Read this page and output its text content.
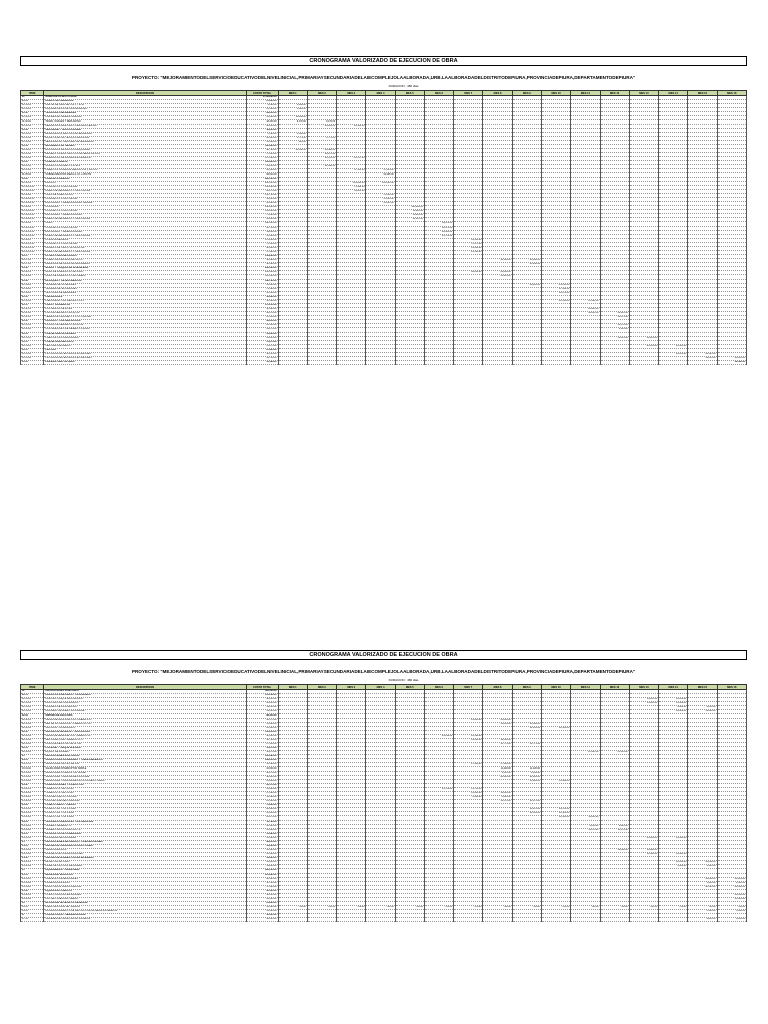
CRONOGRAMA VALORIZADO DE EJECUCION DE OBRA
PROYECTO: "MEJORAMIENTODELSERVICIOEDUCATIVODELNIVELINICIAL,PRIMARIAYSECUNDARIADELAIECOMPLEJOLAALBORADA,URB.LAALBORADADELDISTRITODEPIURA,PROVINCIADEPIURA,DEPARTAMENTODEPIURA"
DURACION : 480 dias
ITEM	DESCRIPCION	COSTO TOTAL	MES 1	MES 2	MES 3	MES 4	MES 5	MES 6	MES 7	MES 8	MES 9	MES 10	MES 11	MES 12	MES 13	MES 14	MES 15	MES 16
01	OBRAS DE LA INSTITUCION	2,540,890.00																
01.01	OBRAS PROVISIONALES	25,800.00																
01.01.01	CARTEL DE OBRA DE 3.60 X 7.20 M	4,680.00	4,680.00															
01.01.02	ALQUILER DE LOCAL PARA ALMACEN	21,120.00	1,320.00															
01.02	TRABAJOS PRELIMINARES	89,650.00																
01.02.01	LIMPIEZA DE TERRENO MANUAL	12,480.00	12,480.00															
01.02.02	TRAZO, NIVELES Y REPLANTEO	18,340.00	9,170.00	9,170.00														
01.02.03	DEMOLICION DE ESTRUCTURAS EXISTENTES	58,830.00		29,415.00	29,415.00													
01.03	SEGURIDAD Y SALUD EN OBRA	46,220.00																
01.03.01	ELABORACION DEL PLAN DE SEGURIDAD	3,500.00	3,500.00															
01.03.02	EQUIPOS DE PROTECCION INDIVIDUAL	28,400.00	1,775.00	1,775.00														
01.03.03	SEÑALIZACION TEMPORAL DE SEGURIDAD	14,320.00	895.00															
01.04	MOVIMIENTO DE TIERRAS	312,480.00																
01.04.01	EXCAVACION MASIVA CON MAQUINARIA	98,760.00	49,380.00	49,380.00														
01.04.02	RELLENO COMPACTADO CON MATERIAL PROPIO	76,540.00		38,270.00														
01.04.03	ELIMINACION DE MATERIAL EXCEDENTE	137,180.00		45,726.00	45,727.00													
01.05	CONCRETO SIMPLE	185,960.00																
01.05.01	SOLADOS CONCRETO 1:12 E=4"	22,840.00		22,840.00														
01.05.02	CIMIENTOS CORRIDOS MEZCLA 1:10 + 30% PG	94,310.00			47,155.00	47,155.00												
01.05.03	SOBRECIMIENTOS MEZCLA 1:8 + 25% PM	68,810.00				34,405.00												
01.06	CONCRETO ARMADO	984,530.00																
01.06.01	ZAPATAS	210,450.00			105,225.00	105,225.00												
01.06.01.01	CONCRETO F'C=210 KG/CM2	142,380.00			71,190.00													
01.06.01.02	ACERO DE REFUERZO FY=4200 KG/CM2	68,070.00			34,035.00													
01.06.02	VIGAS DE CIMENTACION	156,720.00				78,360.00												
01.06.02.01	CONCRETO F'C=210 KG/CM2	94,030.00				47,015.00												
01.06.02.02	ENCOFRADO Y DESENCOFRADO NORMAL	62,690.00				31,345.00												
01.06.03	COLUMNAS	248,960.00					124,480.00											
01.06.03.01	CONCRETO F'C=210 KG/CM2	112,640.00					56,320.00											
01.06.03.02	ENCOFRADO Y DESENCOFRADO	73,290.00					36,645.00											
01.06.03.03	ACERO DE REFUERZO FY=4200 KG/CM2	63,030.00					31,515.00											
01.06.04	VIGAS	198,140.00						99,070.00										
01.06.04.01	CONCRETO F'C=210 KG/CM2	86,750.00						43,375.00										
01.06.04.02	ENCOFRADO Y DESENCOFRADO	59,860.00						29,930.00										
01.06.04.03	ACERO DE REFUERZO FY=4200 KG/CM2	51,530.00						25,765.00										
01.06.05	LOSAS ALIGERADAS	170,260.00							85,130.00									
01.06.05.01	CONCRETO F'C=210 KG/CM2	74,150.00							37,075.00									
01.06.05.02	LADRILLO DE TECHO 15X30X30 CM	48,920.00							24,460.00									
01.06.05.03	ACERO DE REFUERZO FY=4200 KG/CM2	47,190.00							23,595.00									
01.07	ESTRUCTURAS METALICAS	142,860.00																
01.07.01	COBERTURA METALICA EN PATIO	96,380.00								48,190.00	48,190.00							
01.07.02	BARANDAS METALICAS EN ESCALERAS	46,480.00									23,240.00							
01.08	MUROS Y TABIQUES DE ALBAÑILERIA	268,430.00																
01.08.01	MURO DE LADRILLO KK DE SOGA	164,520.00							82,260.00	82,260.00								
01.08.02	MURO DE LADRILLO KK DE CABEZA	103,910.00								51,955.00								
01.09	REVOQUES Y REVESTIMIENTOS	198,760.00																
01.09.01	TARRAJEO EN INTERIORES	86,420.00									43,210.00	43,210.00						
01.09.02	TARRAJEO EN EXTERIORES	74,190.00										37,095.00						
01.09.03	VESTIDURA DE DERRAMES	38,150.00										19,075.00						
01.10	CIELORRASOS	42,380.00																
01.10.01	CIELORRASO CON MEZCLA C:A 1:5	42,380.00										21,190.00	21,190.00					
01.11	PISOS Y PAVIMENTOS	176,540.00																
01.11.01	CONTRAPISO DE 48 MM	58,920.00											29,460.00					
01.11.02	PISO DE CERAMICO 45X45 CM	92,470.00											46,235.00	46,235.00				
01.11.03	VEREDA DE CONCRETO F'C=175 KG/CM2	25,150.00												12,575.00				
01.12	ZOCALOS Y CONTRAZOCALOS	38,610.00																
01.12.01	ZOCALO DE CERAMICO 30X30 CM	26,340.00												13,170.00				
01.12.02	CONTRAZOCALO DE CEMENTO PULIDO	12,270.00												6,135.00				
01.13	CARPINTERIA DE MADERA	64,830.00																
01.13.01	PUERTAS CONTRAPLACADAS	64,830.00												32,415.00	32,415.00			
01.14	CARPINTERIA METALICA	51,270.00																
01.14.01	VENTANAS DE FIERRO	51,270.00													25,635.00	25,635.00		
01.15	PINTURA	87,920.00																
01.15.01	PINTURA LATEX EN MUROS INTERIORES	48,210.00														24,105.00	24,105.00	
01.15.02	PINTURA LATEX EN MUROS EXTERIORES	39,710.00															19,855.00	19,855.00
01.16	LIMPIEZA FINAL DE OBRA	12,480.00																12,480.00
CRONOGRAMA VALORIZADO DE EJECUCION DE OBRA
PROYECTO: "MEJORAMIENTODELSERVICIOEDUCATIVODELNIVELINICIAL,PRIMARIAYSECUNDARIADELAIECOMPLEJOLAALBORADA,URB.LAALBORADADELDISTRITODEPIURA,PROVINCIADEPIURA,DEPARTAMENTODEPIURA"
DURACION : 480 dias
ITEM	DESCRIPCION	COSTO TOTAL	MES 1	MES 2	MES 3	MES 4	MES 5	MES 6	MES 7	MES 8	MES 9	MES 10	MES 11	MES 12	MES 13	MES 14	MES 15	MES 16
02	INSTALACIONES SANITARIAS	386,420.00																
02.01	APARATOS SANITARIOS Y ACCESORIOS	124,560.00																
02.01.01	INODORO TANQUE BAJO BLANCO	38,240.00													19,120.00	19,120.00		
02.01.02	LAVATORIO DE LOSA BLANCO	26,880.00													13,440.00	13,440.00		
02.01.03	URINARIO DE LOSA BLANCO	19,640.00														9,820.00	9,820.00	
02.01.04	LAVADERO DE ACERO INOXIDABLE	39,800.00														19,900.00	19,900.00	
02.02	SISTEMA DE AGUA FRIA	98,340.00																
02.02.01	SALIDA DE AGUA FRIA CON TUBERIA PVC	42,170.00							21,085.00	21,085.00								
02.02.02	RED DE DISTRIBUCION TUBERIA PVC 3/4"	31,260.00								15,630.00	15,630.00							
02.02.03	VALVULAS Y ACCESORIOS	24,910.00									12,455.00	12,455.00						
02.03	SISTEMA DE DESAGUE Y VENTILACION	112,650.00																
02.03.01	SALIDA DE DESAGUE CON TUBERIA PVC	46,380.00						23,190.00	23,190.00									
02.03.02	RED COLECTORA TUBERIA PVC 4"	38,720.00							19,360.00	19,360.00								
02.03.03	CAJAS DE REGISTRO DE 12"X24"	27,550.00								13,775.00	13,775.00							
02.04	CISTERNA Y TANQUE ELEVADO	50,870.00																
02.04.01	EQUIPO DE BOMBEO	50,870.00											25,435.00	25,435.00				
03	INSTALACIONES ELECTRICAS	412,380.00																
03.01	SALIDAS PARA ALUMBRADO Y TOMACORRIENTES	168,240.00																
03.01.01	SALIDA PARA CENTRO DE LUZ	54,360.00							27,180.00	27,180.00								
03.01.02	SALIDA PARA INTERRUPTOR SIMPLE	22,840.00								11,420.00	11,420.00							
03.01.03	SALIDA PARA INTERRUPTOR DOBLE	18,270.00								9,135.00	9,135.00							
03.01.04	SALIDA PARA TOMACORRIENTE DOBLE	48,930.00								24,465.00	24,465.00							
03.01.05	SALIDA PARA TOMACORRIENTE CON LINEA A TIERRA	23,840.00									11,920.00	11,920.00						
03.02	CANALIZACIONES Y CONDUCTOS	94,170.00																
03.02.01	TUBERIA PVC SAP 20 MM	31,460.00						15,730.00	15,730.00									
03.02.02	TUBERIA PVC SAP 25 MM	27,390.00							13,695.00	13,695.00								
03.02.03	CAJA DE PASE OCTOGONAL	12,180.00							6,090.00	6,090.00								
03.02.04	CAJA DE PASE RECTANGULAR	23,140.00								11,570.00	11,570.00							
03.03	CONDUCTORES Y CABLES	76,820.00																
03.03.01	CONDUCTOR THW 2.5 MM2	28,940.00									14,470.00	14,470.00						
03.03.02	CONDUCTOR THW 4 MM2	24,610.00									12,305.00	12,305.00						
03.03.03	CONDUCTOR THW 6 MM2	23,270.00										11,635.00	11,635.00					
03.04	TABLEROS PRINCIPALES Y DISTRIBUCION	41,760.00																
03.04.01	TABLERO GENERAL TG	18,420.00											9,210.00	9,210.00				
03.04.02	TABLERO DE DISTRIBUCION TD	23,340.00											11,670.00	11,670.00				
03.05	ARTEFACTOS DE ILUMINACION	31,390.00																
03.05.01	LUMINARIA LED ADOSABLE	31,390.00													15,695.00	15,695.00		
04	INSTALACIONES MECANICAS Y COMUNICACIONES	98,640.00																
04.01	SISTEMA DE CABLEADO ESTRUCTURADO	54,280.00																
04.01.01	SALIDA PARA DATA	32,160.00												16,080.00	16,080.00			
04.01.02	GABINETE DE COMUNICACIONES	22,120.00													11,060.00	11,060.00		
04.02	SISTEMA DE ALARMA CONTRA INCENDIOS	44,360.00																
04.02.01	DETECTOR DE HUMO	24,480.00														12,240.00	12,240.00	
04.02.02	PANEL DE CONTROL DE ALARMA	19,880.00														9,940.00	9,940.00	
05	EQUIPAMIENTO Y MOBILIARIO	186,520.00																
05.01	MOBILIARIO EDUCATIVO	124,360.00																
05.01.01	CARPETAS UNIPERSONALES	68,420.00															34,210.00	34,210.00
05.01.02	PIZARRAS ACRILICAS	18,760.00															9,380.00	9,380.00
05.01.03	ESCRITORIOS PARA DOCENTES	37,180.00															18,590.00	18,590.00
05.02	EQUIPOS DE COMPUTO	62,160.00																
05.02.01	COMPUTADORAS PERSONALES	48,640.00																48,640.00
05.02.02	PROYECTORES MULTIMEDIA	13,520.00																13,520.00
06	MITIGACION DE IMPACTO AMBIENTAL	24,860.00																
06.01	RIEGO DE ZONAS DE TRABAJO	12,480.00	780.00	780.00	780.00	780.00	780.00	780.00	780.00	780.00	780.00	780.00	780.00	780.00	780.00	780.00	780.00	780.00
06.02	ACONDICIONAMIENTO DE DEPOSITO DE MATERIAL EXCEDENTE	12,380.00															6,190.00	6,190.00
07	CAPACITACION Y SENSIBILIZACION	18,400.00																
07.01	TALLERES DE CAPACITACION DOCENTE	18,400.00															9,200.00	9,200.00
